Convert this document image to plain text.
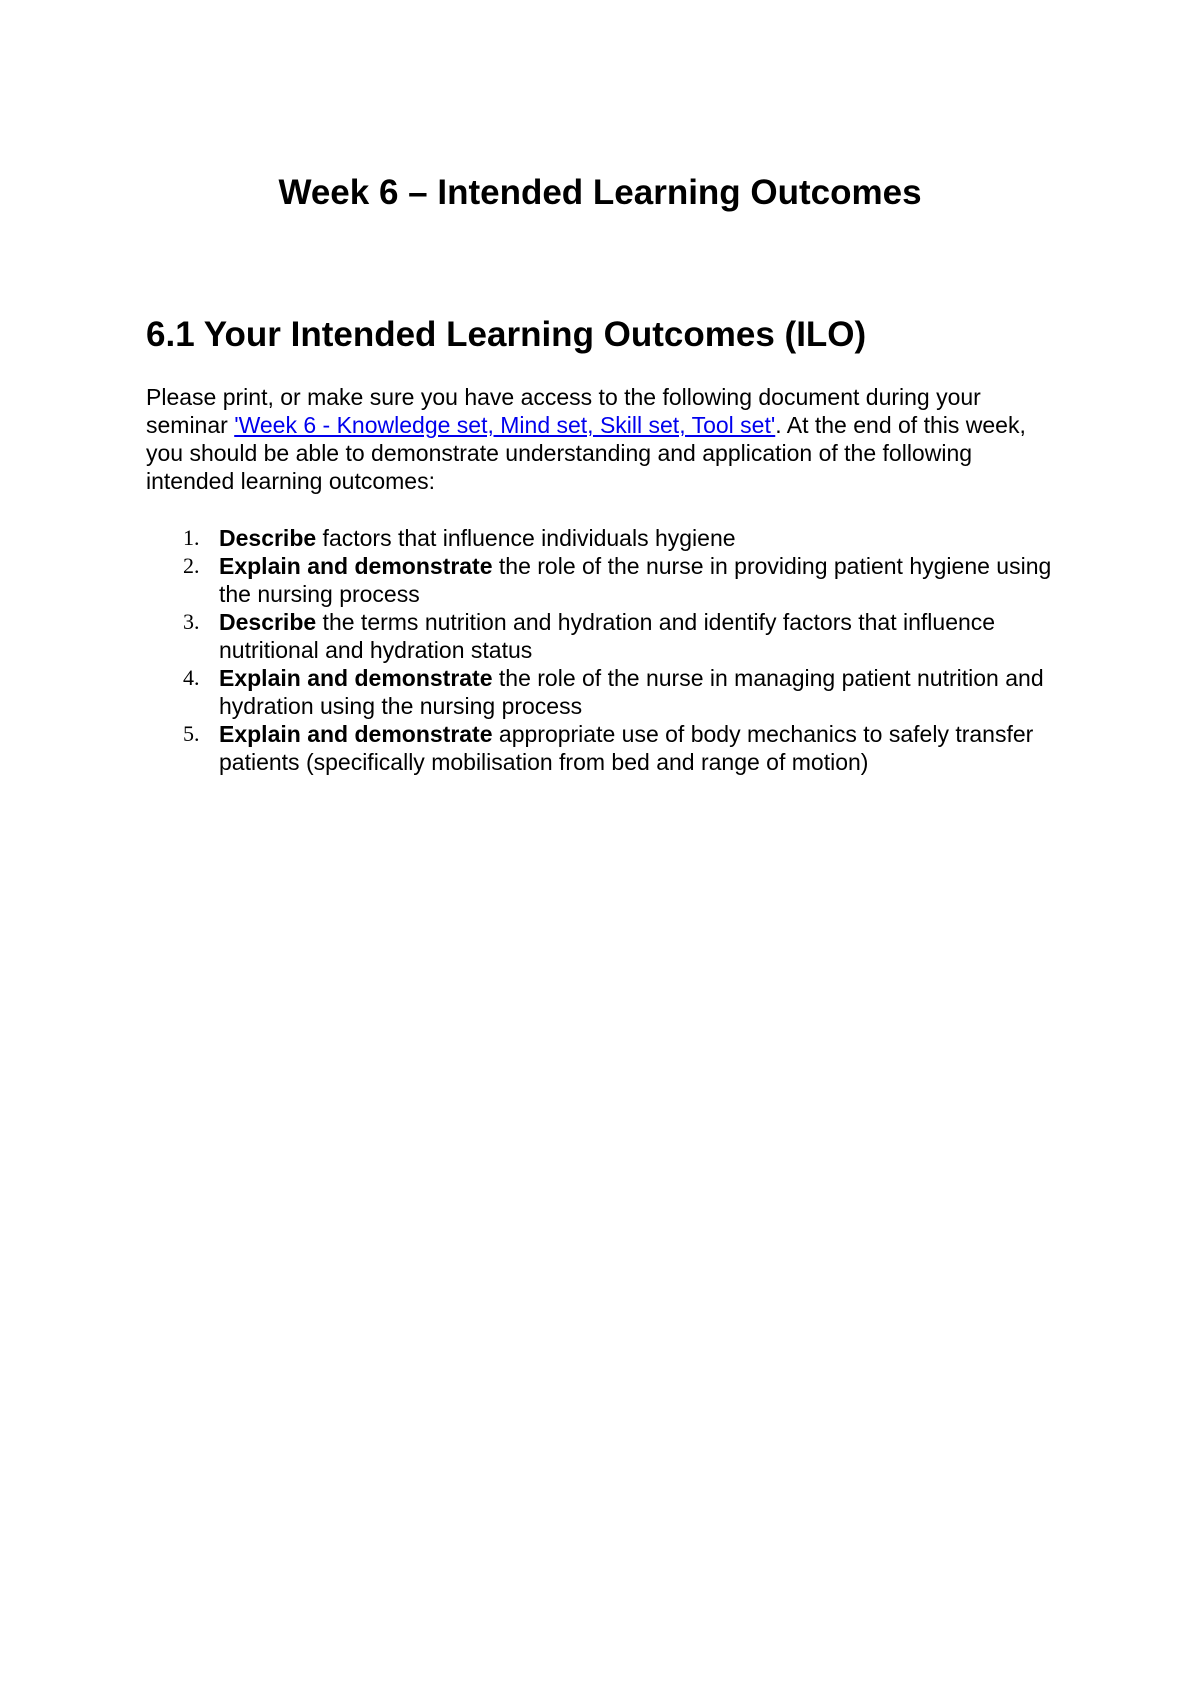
Week 6 – Intended Learning Outcomes
6.1 Your Intended Learning Outcomes (ILO)

Please print, or make sure you have access to the following document during your seminar 'Week 6 - Knowledge set, Mind set, Skill set, Tool set'. At the end of this week, you should be able to demonstrate understanding and application of the following intended learning outcomes:

1. Describe factors that influence individuals hygiene
2. Explain and demonstrate the role of the nurse in providing patient hygiene using the nursing process
3. Describe the terms nutrition and hydration and identify factors that influence nutritional and hydration status
4. Explain and demonstrate the role of the nurse in managing patient nutrition and hydration using the nursing process
5. Explain and demonstrate appropriate use of body mechanics to safely transfer patients (specifically mobilisation from bed and range of motion)
